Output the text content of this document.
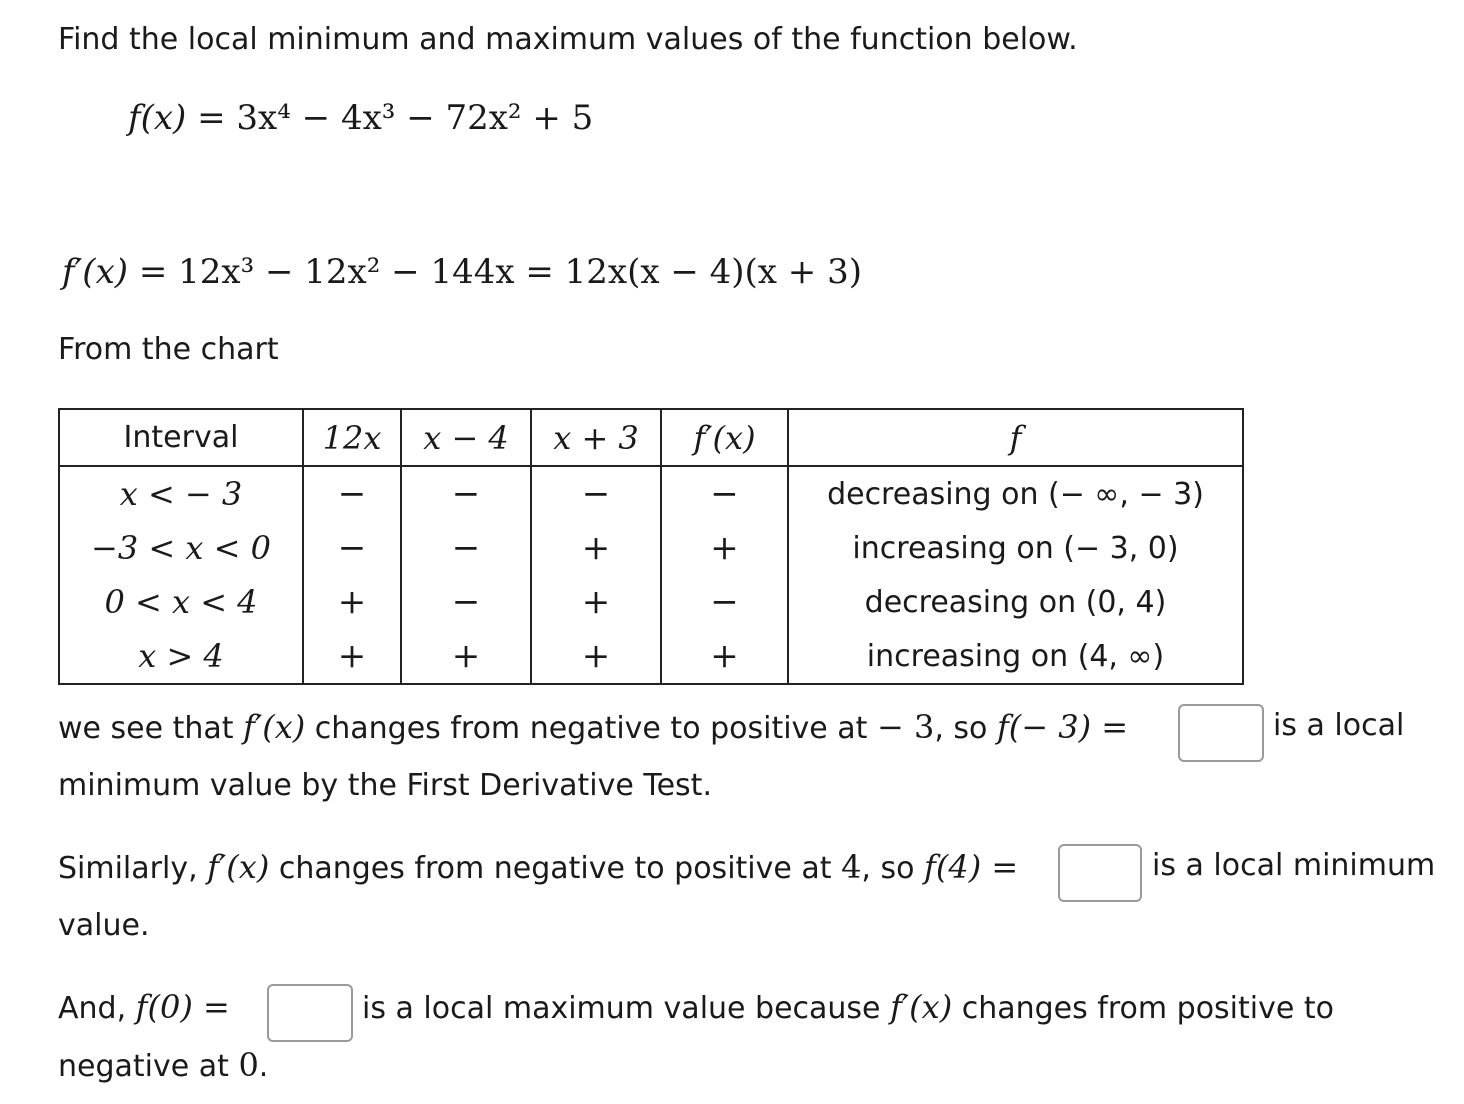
Find the local minimum and maximum values of the function below.
f(x) = 3x⁴ − 4x³ − 72x² + 5
f′(x) = 12x³ − 12x² − 144x = 12x(x − 4)(x + 3)
From the chart
Interval	12x	x − 4	x + 3	f′(x)	f
x < − 3	−	−	−	−	decreasing on (− ∞, − 3)
−3 < x < 0	−	−	+	+	increasing on (− 3, 0)
0 < x < 4	+	−	+	−	decreasing on (0, 4)
x > 4	+	+	+	+	increasing on (4, ∞)
we see that f′(x) changes from negative to positive at − 3, so f(− 3) =	is a local
minimum value by the First Derivative Test.
Similarly, f′(x) changes from negative to positive at 4, so f(4) =	is a local minimum
value.
And, f(0) =	is a local maximum value because f′(x) changes from positive to
negative at 0.
